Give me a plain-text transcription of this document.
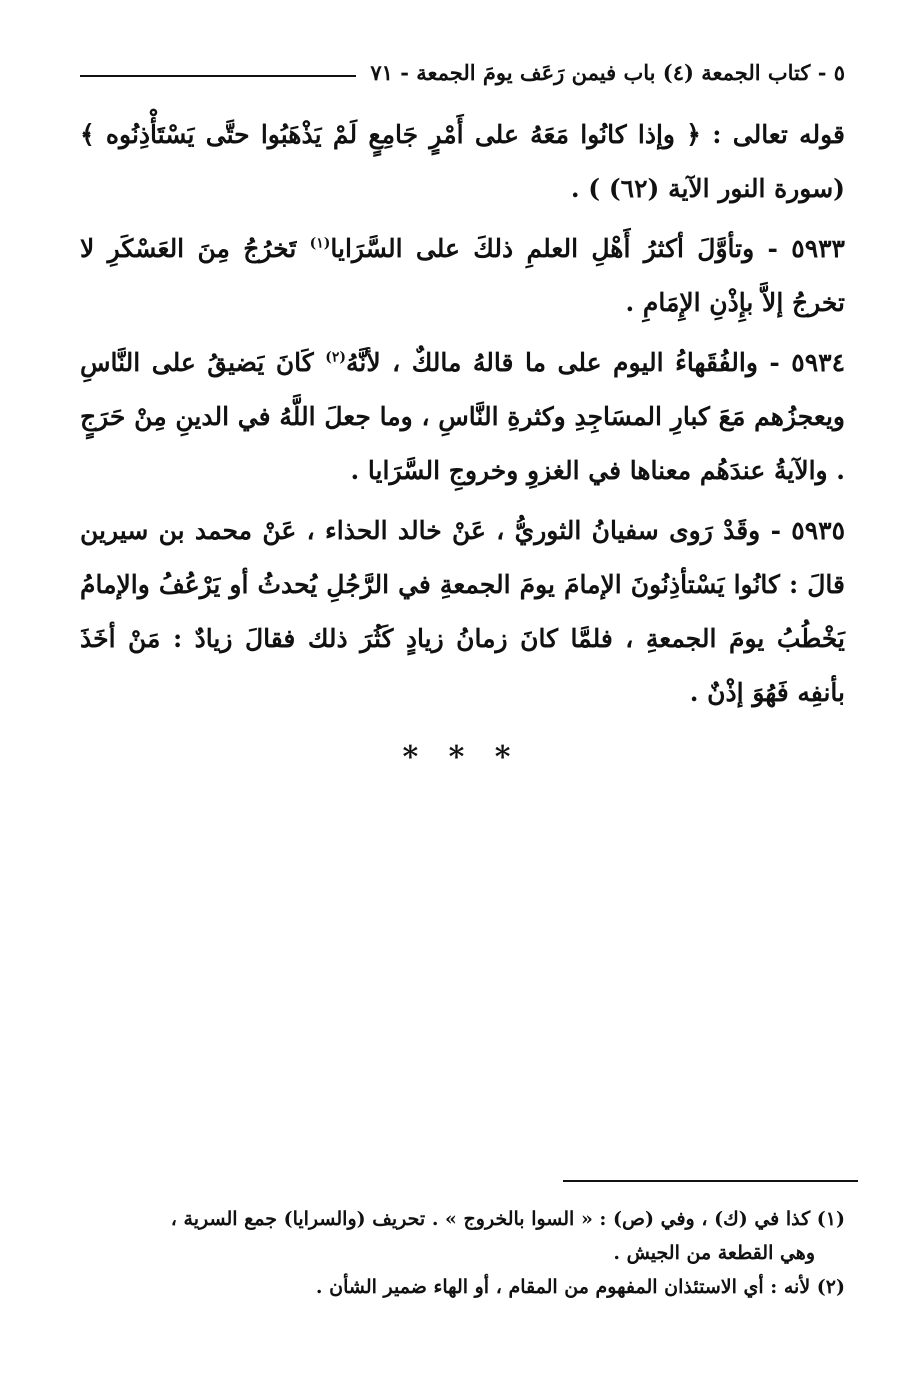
٥ - كتاب الجمعة (٤) باب فيمن رَعَف يومَ الجمعة - ٧١

قوله تعالى : ﴿ وإذا كانُوا مَعَهُ على أَمْرٍ جَامِعٍ لَمْ يَذْهَبُوا حتَّى يَسْتَأْذِنُوه ﴾ (سورة النور الآية (٦٢) ) .

٥٩٣٣ - وتأوَّلَ أكثرُ أَهْلِ العلمِ ذلكَ على السَّرَايا$^{(١)}$ تَخرُجُ مِنَ العَسْكَرِ لا تخرجُ إلاَّ بإِذْنِ الإِمَامِ .

٥٩٣٤ - والفُقَهاءُ اليوم على ما قالهُ مالكٌ ، لأنَّهُ$^{(٢)}$ كَانَ يَضيقُ على النَّاسِ ويعجزُهم مَعَ كبارِ المسَاجِدِ وكثرةِ النَّاسِ ، وما جعلَ اللَّهُ في الدينِ مِنْ حَرَجٍ . والآيةُ عندَهُم معناها في الغزوِ وخروجِ السَّرَايا .

٥٩٣٥ - وقَدْ رَوى سفيانُ الثوريُّ ، عَنْ خالد الحذاء ، عَنْ محمد بن سيرين قالَ : كانُوا يَسْتأذِنُونَ الإمامَ يومَ الجمعةِ في الرَّجُلِ يُحدثُ أو يَرْعُفُ والإمامُ يَخْطُبُ يومَ الجمعةِ ، فلمَّا كانَ زمانُ زيادٍ كَثُرَ ذلك فقالَ زيادٌ : مَنْ أخَذَ بأنفِه فَهُوَ إذْنٌ .

* * *

(١) كذا في (ك) ، وفي (ص) : « السوا بالخروج » . تحريف (والسرايا) جمع السرية ،

وهي القطعة من الجيش .

(٢) لأنه : أي الاستئذان المفهوم من المقام ، أو الهاء ضمير الشأن .
